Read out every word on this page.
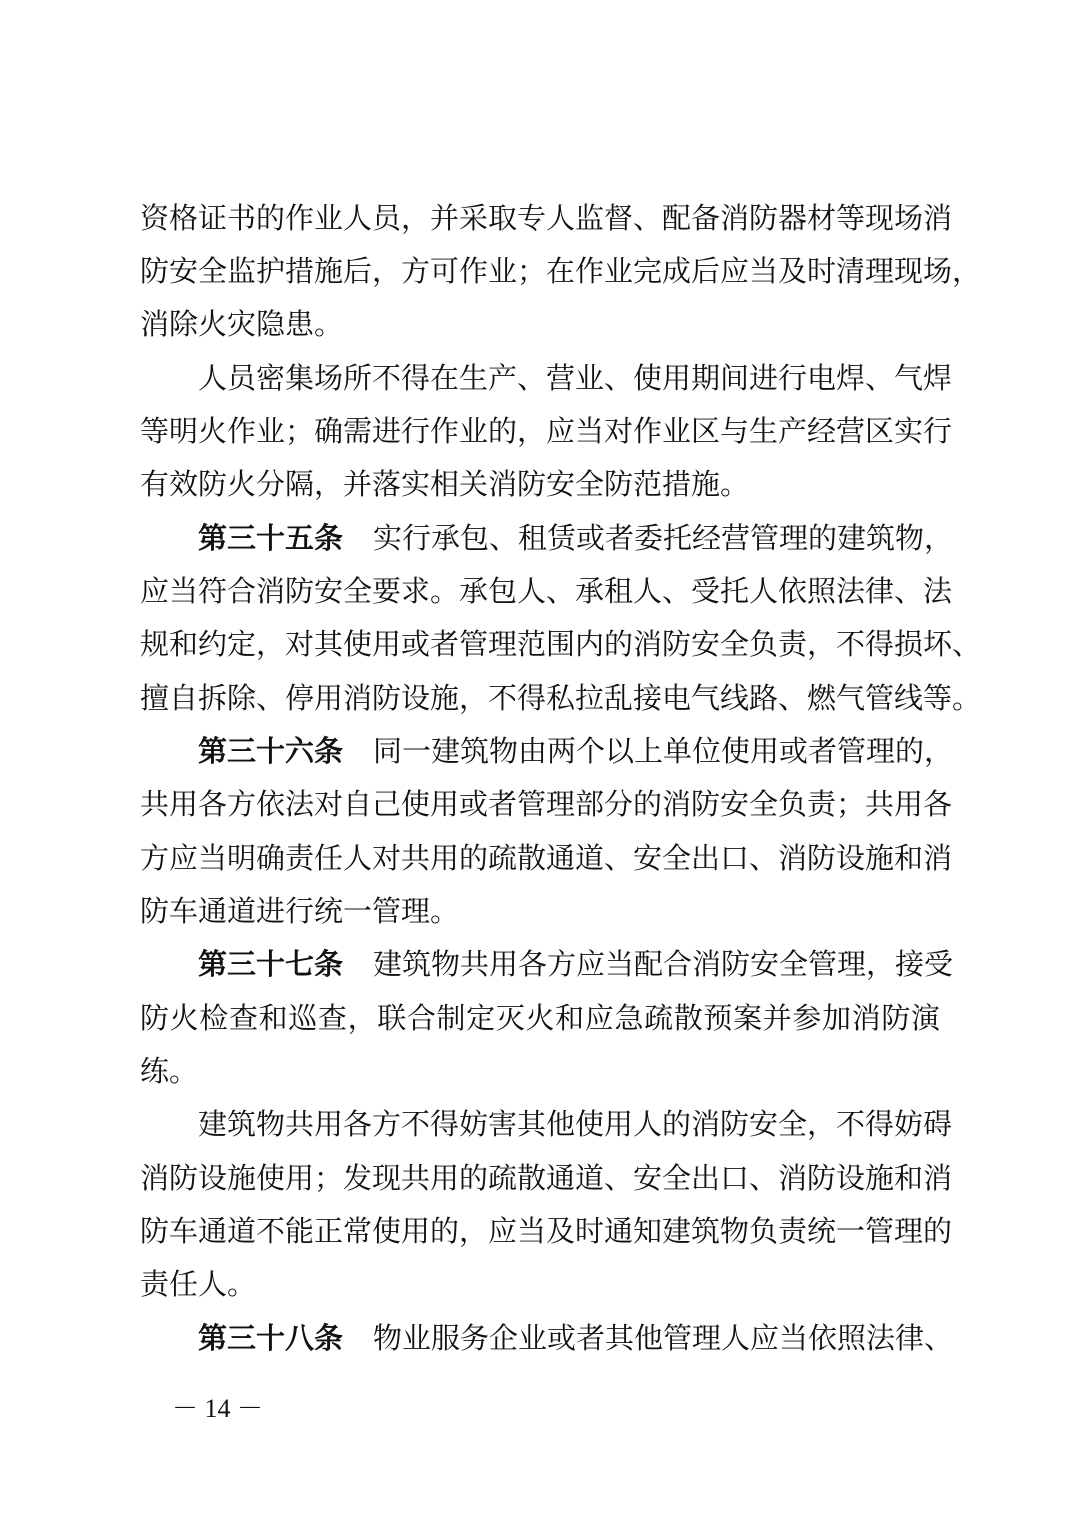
资格证书的作业人员，并采取专人监督、配备消防器材等现场消
防安全监护措施后，方可作业；在作业完成后应当及时清理现场，
消除火灾隐患。
人员密集场所不得在生产、营业、使用期间进行电焊、气焊
等明火作业；确需进行作业的，应当对作业区与生产经营区实行
有效防火分隔，并落实相关消防安全防范措施。
第三十五条 实行承包、租赁或者委托经营管理的建筑物，
应当符合消防安全要求。承包人、承租人、受托人依照法律、法
规和约定，对其使用或者管理范围内的消防安全负责，不得损坏、
擅自拆除、停用消防设施，不得私拉乱接电气线路、燃气管线等。
第三十六条 同一建筑物由两个以上单位使用或者管理的，
共用各方依法对自己使用或者管理部分的消防安全负责；共用各
方应当明确责任人对共用的疏散通道、安全出口、消防设施和消
防车通道进行统一管理。
第三十七条 建筑物共用各方应当配合消防安全管理，接受
防火检查和巡查，联合制定灭火和应急疏散预案并参加消防演
练。
建筑物共用各方不得妨害其他使用人的消防安全，不得妨碍
消防设施使用；发现共用的疏散通道、安全出口、消防设施和消
防车通道不能正常使用的，应当及时通知建筑物负责统一管理的
责任人。
第三十八条 物业服务企业或者其他管理人应当依照法律、
－ 14 －
